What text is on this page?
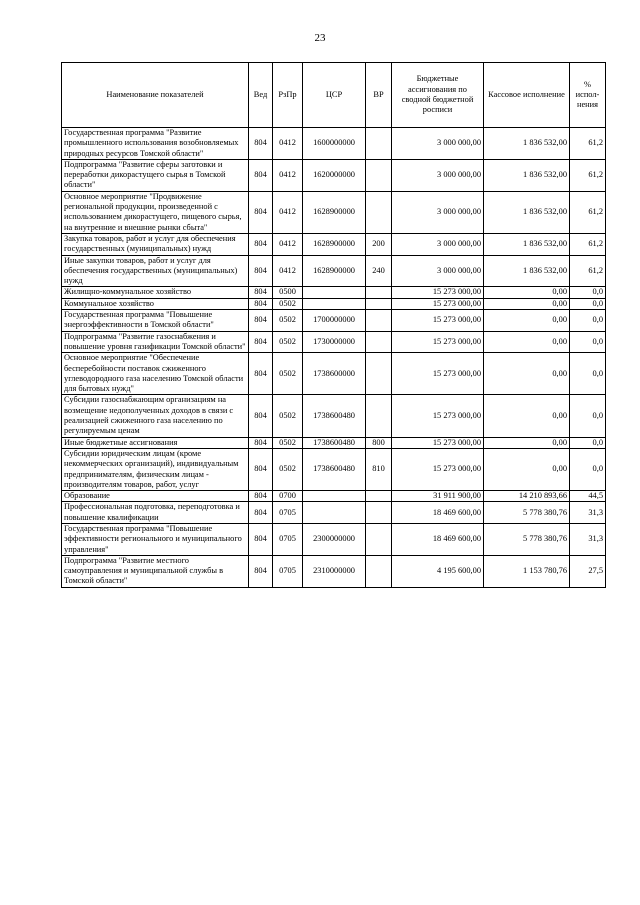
23
Наименование показателей	Вед	РзПр	ЦСР	ВР	Бюджетные ассигнования по сводной бюджетной росписи	Кассовое исполнение	% испол-нения
Государственная программа "Развитие промышленного использования возобновляемых природных ресурсов Томской области"	804	0412	1600000000		3 000 000,00	1 836 532,00	61,2
Подпрограмма "Развитие сферы заготовки и переработки дикорастущего сырья в Томской области"	804	0412	1620000000		3 000 000,00	1 836 532,00	61,2
Основное мероприятие "Продвижение региональной продукции, произведенной с использованием дикорастущего, пищевого сырья, на внутренние и внешние рынки сбыта"	804	0412	1628900000		3 000 000,00	1 836 532,00	61,2
Закупка товаров, работ и услуг для обеспечения государственных (муниципальных) нужд	804	0412	1628900000	200	3 000 000,00	1 836 532,00	61,2
Иные закупки товаров, работ и услуг для обеспечения государственных (муниципальных) нужд	804	0412	1628900000	240	3 000 000,00	1 836 532,00	61,2
Жилищно-коммунальное хозяйство	804	0500			15 273 000,00	0,00	0,0
Коммунальное хозяйство	804	0502			15 273 000,00	0,00	0,0
Государственная программа "Повышение энергоэффективности в Томской области"	804	0502	1700000000		15 273 000,00	0,00	0,0
Подпрограмма "Развитие газоснабжения и повышение уровня газификации Томской области"	804	0502	1730000000		15 273 000,00	0,00	0,0
Основное мероприятие "Обеспечение бесперебойности поставок сжиженного углеводородного газа населению Томской области для бытовых нужд"	804	0502	1738600000		15 273 000,00	0,00	0,0
Субсидии газоснабжающим организациям на возмещение недополученных доходов в связи с реализацией сжиженного газа населению по регулируемым ценам	804	0502	1738600480		15 273 000,00	0,00	0,0
Иные бюджетные ассигнования	804	0502	1738600480	800	15 273 000,00	0,00	0,0
Субсидии юридическим лицам (кроме некоммерческих организаций), индивидуальным предпринимателям, физическим лицам - производителям товаров, работ, услуг	804	0502	1738600480	810	15 273 000,00	0,00	0,0
Образование	804	0700			31 911 900,00	14 210 893,66	44,5
Профессиональная подготовка, переподготовка и повышение квалификации	804	0705			18 469 600,00	5 778 380,76	31,3
Государственная программа "Повышение эффективности регионального и муниципального управления"	804	0705	2300000000		18 469 600,00	5 778 380,76	31,3
Подпрограмма "Развитие местного самоуправления и муниципальной службы в Томской области"	804	0705	2310000000		4 195 600,00	1 153 780,76	27,5
